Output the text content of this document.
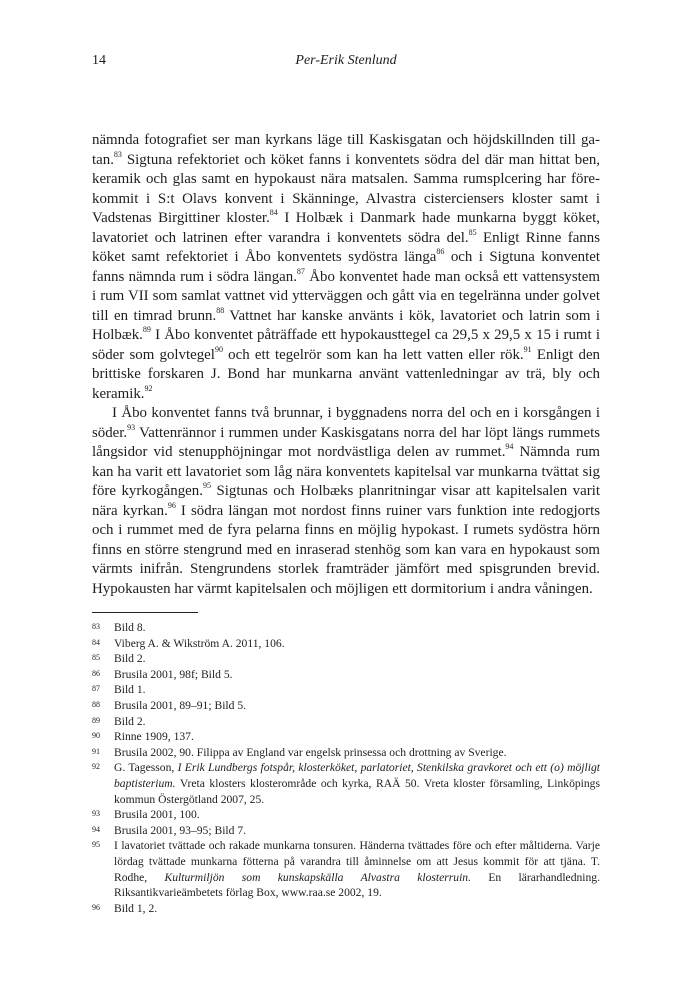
14	Per-Erik Stenlund

nämnda fotografiet ser man kyrkans läge till Kaskisgatan och höjdskillnden till gatan.$^{83}$ Sigtuna refektoriet och köket fanns i konventets södra del där man hittat ben, keramik och glas samt en hypokaust nära matsalen. Samma rumsplcering har förekommit i S:t Olavs konvent i Skänninge, Alvastra cisterciensers kloster samt i Vadstenas Birgittiner kloster.$^{84}$ I Holbæk i Danmark hade munkarna byggt köket, lavatoriet och latrinen efter varandra i konventets södra del.$^{85}$ Enligt Rinne fanns köket samt refektoriet i Åbo konventets sydöstra länga$^{86}$ och i Sigtuna konventet fanns nämnda rum i södra längan.$^{87}$ Åbo konventet hade man också ett vattensystem i rum VII som samlat vattnet vid ytterväggen och gått via en tegelränna under golvet till en timrad brunn.$^{88}$ Vattnet har kanske använts i kök, lavatoriet och latrin som i Holbæk.$^{89}$ I Åbo konventet påträffade ett hypokausttegel ca 29,5 x 29,5 x 15 i rumt i söder som golvtegel$^{90}$ och ett tegelrör som kan ha lett vatten eller rök.$^{91}$ Enligt den brittiske forskaren J. Bond har munkarna använt vattenledningar av trä, bly och keramik.$^{92}$

I Åbo konventet fanns två brunnar, i byggnadens norra del och en i korsgången i söder.$^{93}$ Vattenrännor i rummen under Kaskisgatans norra del har löpt längs rummets långsidor vid stenupphöjningar mot nordvästliga delen av rummet.$^{94}$ Nämnda rum kan ha varit ett lavatoriet som låg nära konventets kapitelsal var munkarna tvättat sig före kyrkogången.$^{95}$ Sigtunas och Holbæks planritningar visar att kapitelsalen varit nära kyrkan.$^{96}$ I södra längan mot nordost finns ruiner vars funktion inte redogjorts och i rummet med de fyra pelarna finns en möjlig hypokast. I rumets sydöstra hörn finns en större stengrund med en inraserad stenhög som kan vara en hypokaust som värmts inifrån. Stengrundens storlek framträder jämfört med spisgrunden brevid. Hypokausten har värmt kapitelsalen och möjligen ett dormitorium i andra våningen.

83 Bild 8.
84 Viberg A. & Wikström A. 2011, 106.
85 Bild 2.
86 Brusila 2001, 98f; Bild 5.
87 Bild 1.
88 Brusila 2001, 89–91; Bild 5.
89 Bild 2.
90 Rinne 1909, 137.
91 Brusila 2002, 90. Filippa av England var engelsk prinsessa och drottning av Sverige.
92 G. Tagesson, I Erik Lundbergs fotspår, klosterköket, parlatoriet, Stenkilska gravkoret och ett (o) möjligt baptisterium. Vreta klosters klosterområde och kyrka, RAÄ 50. Vreta kloster församling, Linköpings kommun Östergötland 2007, 25.
93 Brusila 2001, 100.
94 Brusila 2001, 93–95; Bild 7.
95 I lavatoriet tvättade och rakade munkarna tonsuren. Händerna tvättades före och efter måltiderna. Varje lördag tvättade munkarna fötterna på varandra till åminnelse om att Jesus kommit för att tjäna. T. Rodhe, Kulturmiljön som kunskapskälla Alvastra klosterruin. En lärarhandledning. Riksantikvarieämbetets förlag Box, www.raa.se 2002, 19.
96 Bild 1, 2.
